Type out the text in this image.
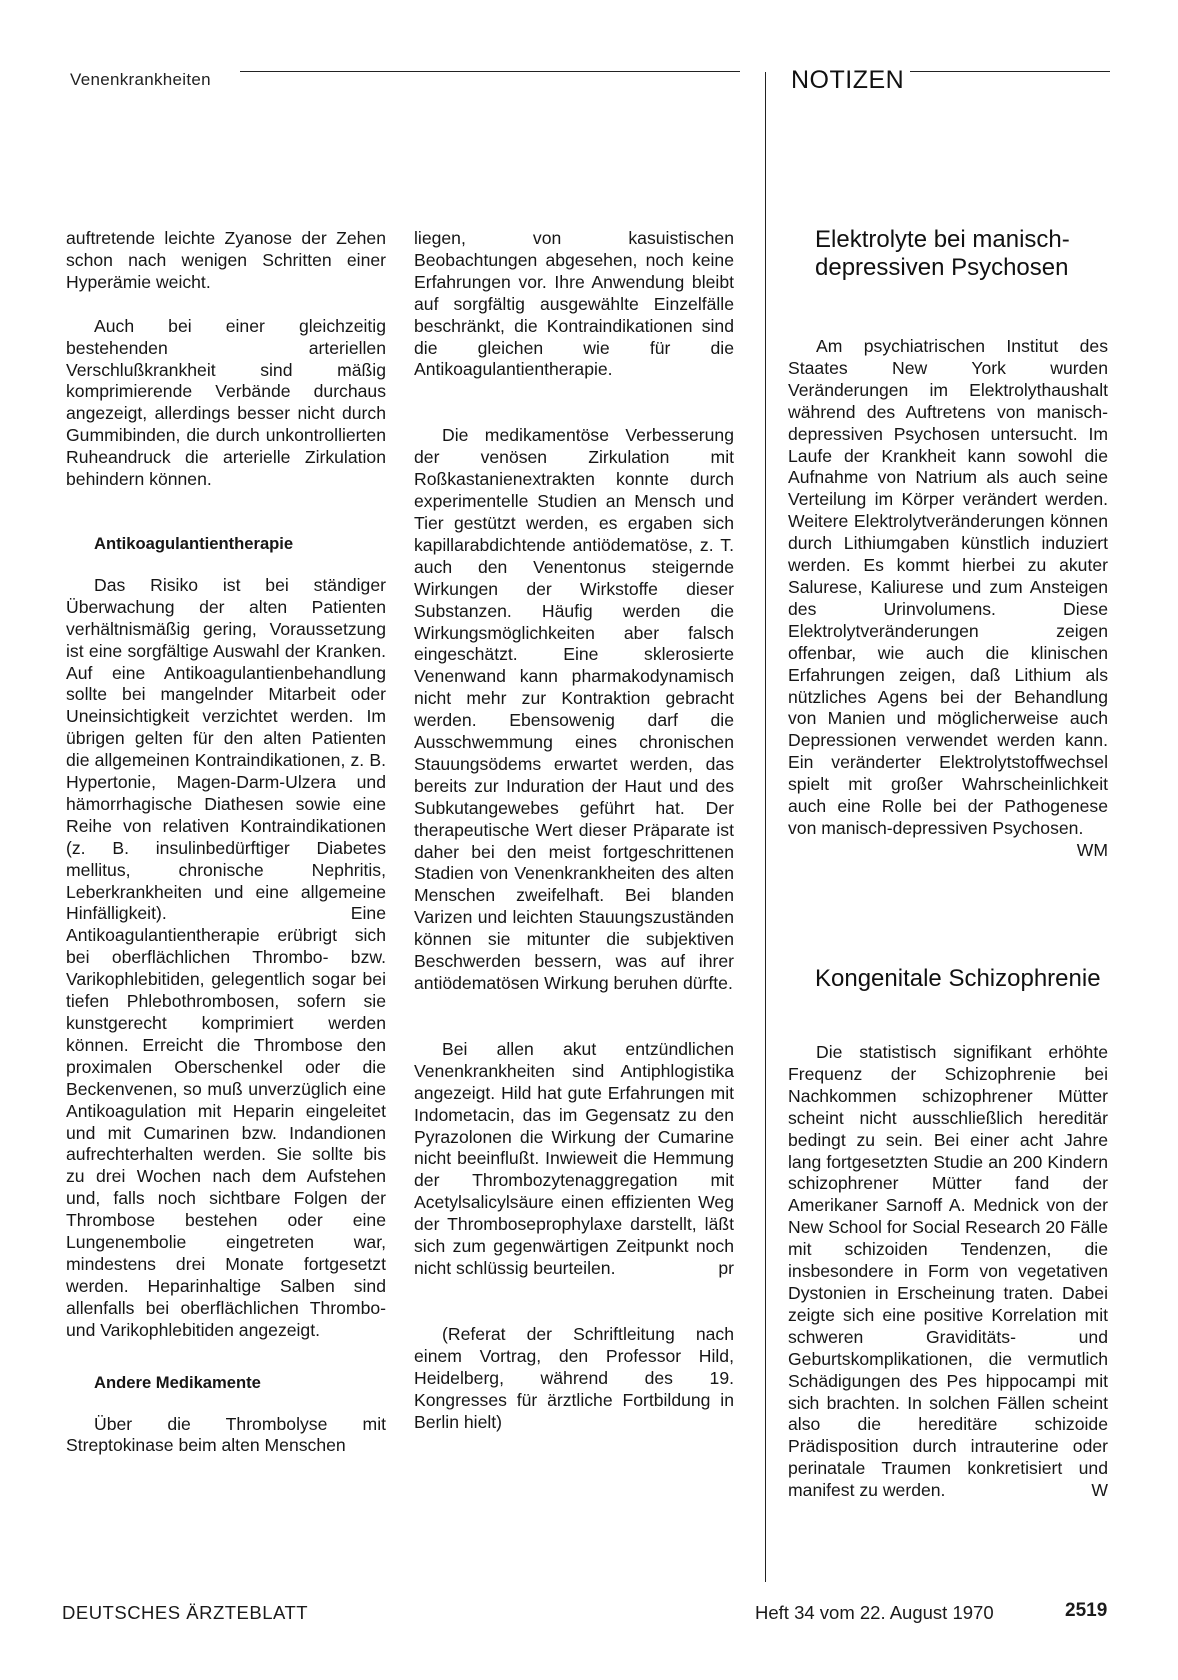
Venenkrankheiten	NOTIZEN

auftretende leichte Zyanose der Zehen schon nach wenigen Schritten einer Hyperämie weicht.

Auch bei einer gleichzeitig bestehenden arteriellen Verschlußkrankheit sind mäßig komprimierende Verbände durchaus angezeigt, allerdings besser nicht durch Gummibinden, die durch unkontrollierten Ruheandruck die arterielle Zirkulation behindern können.

Antikoagulantientherapie

Das Risiko ist bei ständiger Überwachung der alten Patienten verhältnismäßig gering, Voraussetzung ist eine sorgfältige Auswahl der Kranken. Auf eine Antikoagulantienbehandlung sollte bei mangelnder Mitarbeit oder Uneinsichtigkeit verzichtet werden. Im übrigen gelten für den alten Patienten die allgemeinen Kontraindikationen, z. B. Hypertonie, Magen-Darm-Ulzera und hämorrhagische Diathesen sowie eine Reihe von relativen Kontraindikationen (z. B. insulinbedürftiger Diabetes mellitus, chronische Nephritis, Leberkrankheiten und eine allgemeine Hinfälligkeit). Eine Antikoagulantientherapie erübrigt sich bei oberflächlichen Thrombo- bzw. Varikophlebitiden, gelegentlich sogar bei tiefen Phlebothrombosen, sofern sie kunstgerecht komprimiert werden können. Erreicht die Thrombose den proximalen Oberschenkel oder die Beckenvenen, so muß unverzüglich eine Antikoagulation mit Heparin eingeleitet und mit Cumarinen bzw. Indandionen aufrechterhalten werden. Sie sollte bis zu drei Wochen nach dem Aufstehen und, falls noch sichtbare Folgen der Thrombose bestehen oder eine Lungenembolie eingetreten war, mindestens drei Monate fortgesetzt werden. Heparinhaltige Salben sind allenfalls bei oberflächlichen Thrombo- und Varikophlebitiden angezeigt.

Andere Medikamente

Über die Thrombolyse mit Streptokinase beim alten Menschen

liegen, von kasuistischen Beobachtungen abgesehen, noch keine Erfahrungen vor. Ihre Anwendung bleibt auf sorgfältig ausgewählte Einzelfälle beschränkt, die Kontraindikationen sind die gleichen wie für die Antikoagulantientherapie.

Die medikamentöse Verbesserung der venösen Zirkulation mit Roßkastanienextrakten konnte durch experimentelle Studien an Mensch und Tier gestützt werden, es ergaben sich kapillarabdichtende antiödematöse, z. T. auch den Venentonus steigernde Wirkungen der Wirkstoffe dieser Substanzen. Häufig werden die Wirkungsmöglichkeiten aber falsch eingeschätzt. Eine sklerosierte Venenwand kann pharmakodynamisch nicht mehr zur Kontraktion gebracht werden. Ebensowenig darf die Ausschwemmung eines chronischen Stauungsödems erwartet werden, das bereits zur Induration der Haut und des Subkutangewebes geführt hat. Der therapeutische Wert dieser Präparate ist daher bei den meist fortgeschrittenen Stadien von Venenkrankheiten des alten Menschen zweifelhaft. Bei blanden Varizen und leichten Stauungszuständen können sie mitunter die subjektiven Beschwerden bessern, was auf ihrer antiödematösen Wirkung beruhen dürfte.

Bei allen akut entzündlichen Venenkrankheiten sind Antiphlogistika angezeigt. Hild hat gute Erfahrungen mit Indometacin, das im Gegensatz zu den Pyrazolonen die Wirkung der Cumarine nicht beeinflußt. Inwieweit die Hemmung der Thrombozytenaggregation mit Acetylsalicylsäure einen effizienten Weg der Thromboseprophylaxe darstellt, läßt sich zum gegenwärtigen Zeitpunkt noch nicht schlüssig beurteilen.	pr

(Referat der Schriftleitung nach einem Vortrag, den Professor Hild, Heidelberg, während des 19. Kongresses für ärztliche Fortbildung in Berlin hielt)

Elektrolyte bei manisch-depressiven Psychosen

Am psychiatrischen Institut des Staates New York wurden Veränderungen im Elektrolythaushalt während des Auftretens von manisch-depressiven Psychosen untersucht. Im Laufe der Krankheit kann sowohl die Aufnahme von Natrium als auch seine Verteilung im Körper verändert werden. Weitere Elektrolytveränderungen können durch Lithiumgaben künstlich induziert werden. Es kommt hierbei zu akuter Salurese, Kaliurese und zum Ansteigen des Urinvolumens. Diese Elektrolytveränderungen zeigen offenbar, wie auch die klinischen Erfahrungen zeigen, daß Lithium als nützliches Agens bei der Behandlung von Manien und möglicherweise auch Depressionen verwendet werden kann. Ein veränderter Elektrolytstoffwechsel spielt mit großer Wahrscheinlichkeit auch eine Rolle bei der Pathogenese von manisch-depressiven Psychosen.
WM

Kongenitale Schizophrenie

Die statistisch signifikant erhöhte Frequenz der Schizophrenie bei Nachkommen schizophrener Mütter scheint nicht ausschließlich hereditär bedingt zu sein. Bei einer acht Jahre lang fortgesetzten Studie an 200 Kindern schizophrener Mütter fand der Amerikaner Sarnoff A. Mednick von der New School for Social Research 20 Fälle mit schizoiden Tendenzen, die insbesondere in Form von vegetativen Dystonien in Erscheinung traten. Dabei zeigte sich eine positive Korrelation mit schweren Graviditäts- und Geburtskomplikationen, die vermutlich Schädigungen des Pes hippocampi mit sich brachten. In solchen Fällen scheint also die hereditäre schizoide Prädisposition durch intrauterine oder perinatale Traumen konkretisiert und manifest zu werden.	W

DEUTSCHES ÄRZTEBLATT	Heft 34 vom 22. August 1970	2519
